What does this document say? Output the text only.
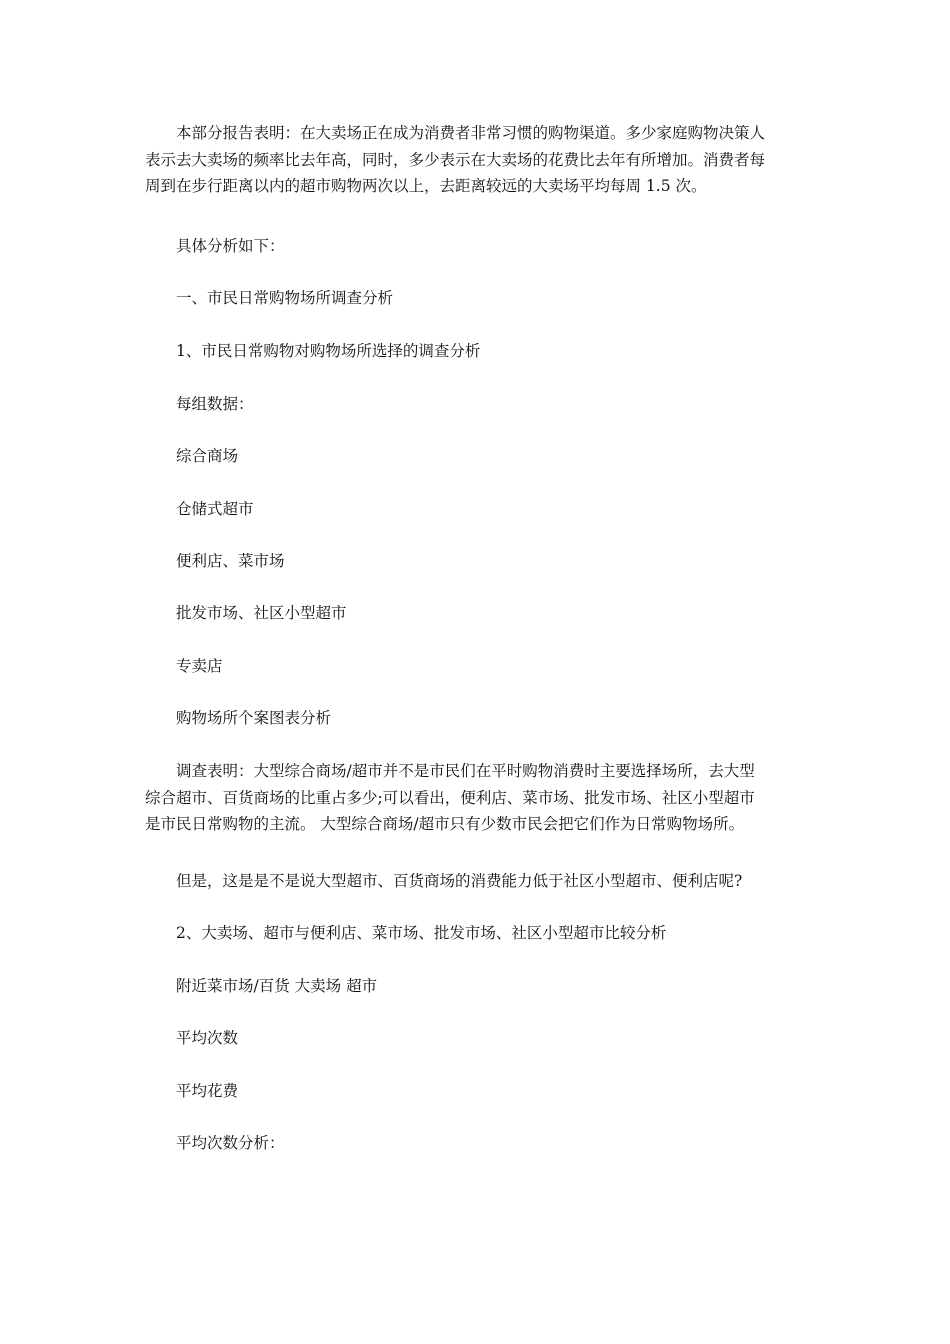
本部分报告表明：在大卖场正在成为消费者非常习惯的购物渠道。多少家庭购物决策人
表示去大卖场的频率比去年高，同时，多少表示在大卖场的花费比去年有所增加。消费者每
周到在步行距离以内的超市购物两次以上，去距离较远的大卖场平均每周 1.5 次。

具体分析如下：

一、市民日常购物场所调查分析

1、市民日常购物对购物场所选择的调查分析

每组数据：

综合商场

仓储式超市

便利店、菜市场

批发市场、社区小型超市

专卖店

购物场所个案图表分析

调查表明：大型综合商场/超市并不是市民们在平时购物消费时主要选择场所，去大型
综合超市、百货商场的比重占多少;可以看出，便利店、菜市场、批发市场、社区小型超市
是市民日常购物的主流。 大型综合商场/超市只有少数市民会把它们作为日常购物场所。

但是，这是是不是说大型超市、百货商场的消费能力低于社区小型超市、便利店呢?

2、大卖场、超市与便利店、菜市场、批发市场、社区小型超市比较分析

附近菜市场/百货 大卖场 超市

平均次数

平均花费

平均次数分析：
